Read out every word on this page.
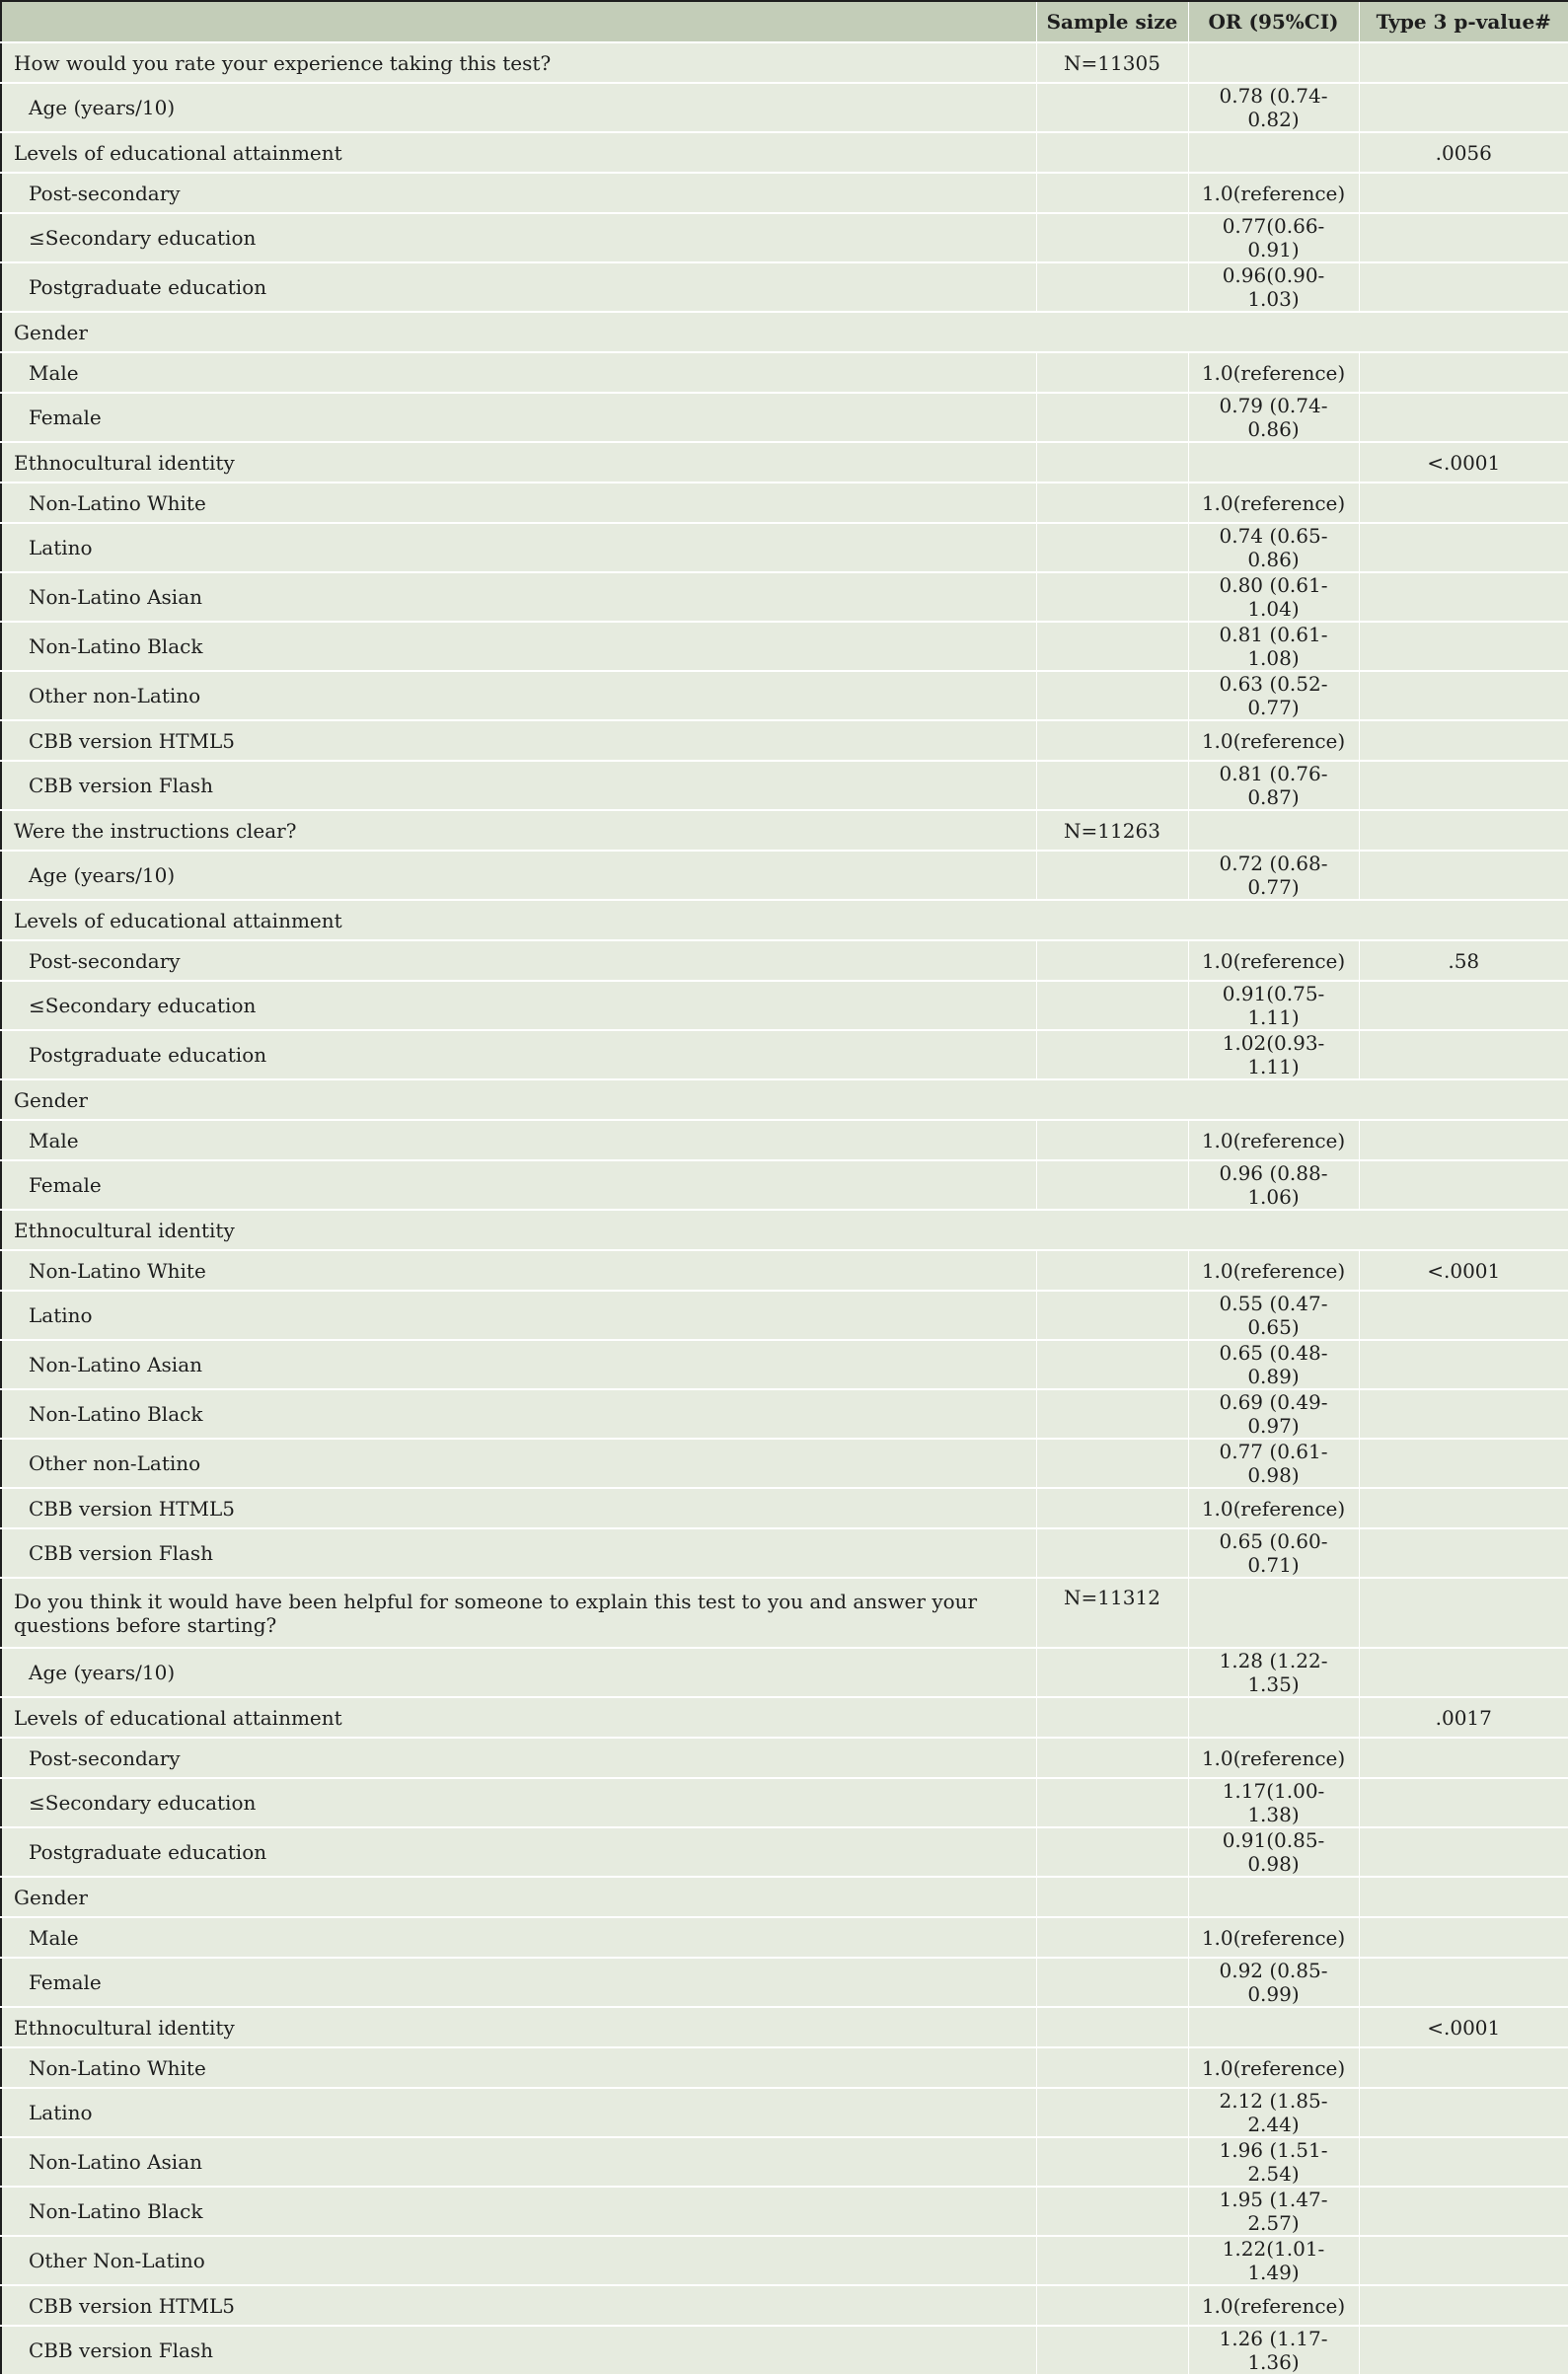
	Sample size	OR (95%CI)	Type 3 p-value#
How would you rate your experience taking this test?	N=11305		
Age (years/10)		0.78 (0.74-0.82)	
Levels of educational attainment			.0056
Post-secondary		1.0(reference)	
≤Secondary education		0.77(0.66-0.91)	
Postgraduate education		0.96(0.90-1.03)	
Gender			
Male		1.0(reference)	
Female		0.79 (0.74-0.86)	
Ethnocultural identity			<.0001
Non-Latino White		1.0(reference)	
Latino		0.74 (0.65-0.86)	
Non-Latino Asian		0.80 (0.61-1.04)	
Non-Latino Black		0.81 (0.61-1.08)	
Other non-Latino		0.63 (0.52-0.77)	
CBB version HTML5		1.0(reference)	
CBB version Flash		0.81 (0.76-0.87)	
Were the instructions clear?	N=11263		
Age (years/10)		0.72 (0.68-0.77)	
Levels of educational attainment			
Post-secondary		1.0(reference)	.58
≤Secondary education		0.91(0.75-1.11)	
Postgraduate education		1.02(0.93-1.11)	
Gender			
Male		1.0(reference)	
Female		0.96 (0.88-1.06)	
Ethnocultural identity			
Non-Latino White		1.0(reference)	<.0001
Latino		0.55 (0.47-0.65)	
Non-Latino Asian		0.65 (0.48-0.89)	
Non-Latino Black		0.69 (0.49-0.97)	
Other non-Latino		0.77 (0.61-0.98)	
CBB version HTML5		1.0(reference)	
CBB version Flash		0.65 (0.60-0.71)	
Do you think it would have been helpful for someone to explain this test to you and answer your questions before starting?	N=11312		
Age (years/10)		1.28 (1.22-1.35)	
Levels of educational attainment			.0017
Post-secondary		1.0(reference)	
≤Secondary education		1.17(1.00-1.38)	
Postgraduate education		0.91(0.85-0.98)	
Gender			
Male		1.0(reference)	
Female		0.92 (0.85-0.99)	
Ethnocultural identity			<.0001
Non-Latino White		1.0(reference)	
Latino		2.12 (1.85-2.44)	
Non-Latino Asian		1.96 (1.51-2.54)	
Non-Latino Black		1.95 (1.47-2.57)	
Other Non-Latino		1.22(1.01-1.49)	
CBB version HTML5		1.0(reference)	
CBB version Flash		1.26 (1.17-1.36)	
